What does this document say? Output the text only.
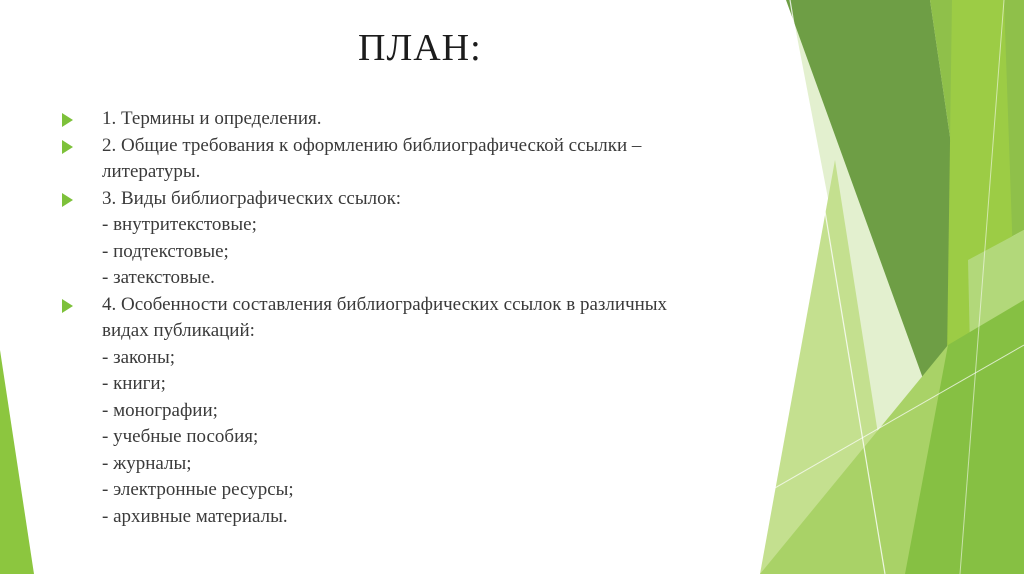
ПЛАН:
1. Термины и определения.
2. Общие требования к оформлению библиографической ссылки –
литературы.
3. Виды библиографических ссылок:
- внутритекстовые;
- подтекстовые;
- затекстовые.
4. Особенности составления библиографических ссылок в различных
видах публикаций:
- законы;
- книги;
- монографии;
- учебные пособия;
- журналы;
- электронные ресурсы;
- архивные материалы.
